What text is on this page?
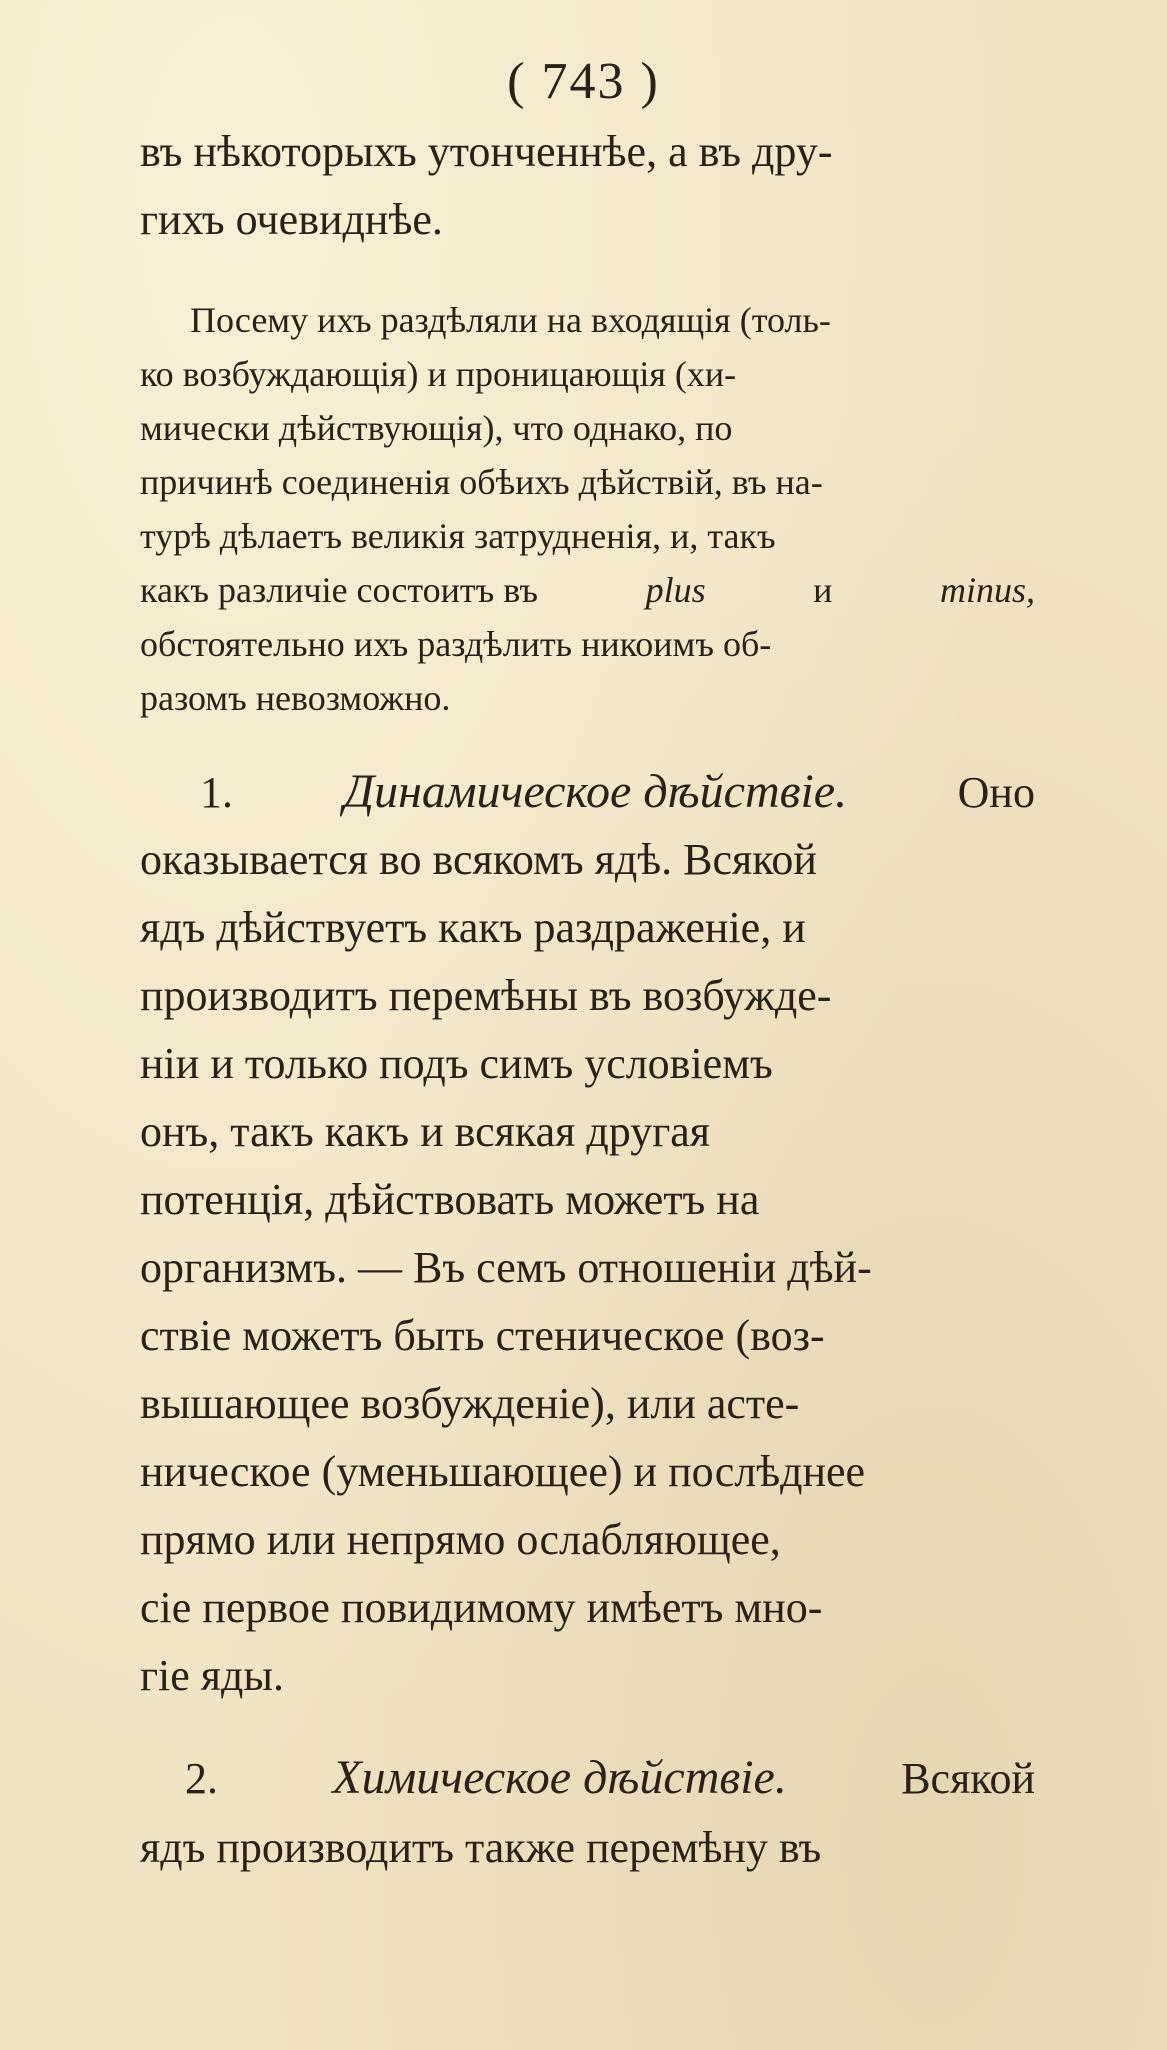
( 743 )
въ нѣкоторыхъ утонченнѣе, а въ дру-
гихъ очевиднѣе.
Посему ихъ раздѣляли на входящія (толь-
ко возбуждающія) и проницающія (хи-
мически дѣйствующія), что однако, по
причинѣ соединенія обѣихъ дѣйствій, въ на-
турѣ дѣлаетъ великія затрудненія, и, такъ
какъ различіе состоитъ въ	plus	и	minus,
обстоятельно ихъ раздѣлить никоимъ об-
разомъ невозможно.
1. Динамическое дѣйствіе.	Оно
оказывается во всякомъ ядѣ. Всякой
ядъ дѣйствуетъ какъ раздраженіе, и
производитъ перемѣны въ возбужде-
ніи и только подъ симъ условіемъ
онъ, такъ какъ и всякая другая
потенція, дѣйствовать можетъ на
организмъ. — Въ семъ отношеніи дѣй-
ствіе можетъ быть стеническое (воз-
вышающее возбужденіе), или асте-
ническое (уменьшающее) и послѣднее
прямо или непрямо ослабляющее,
сіе первое повидимому имѣетъ мно-
гіе яды.
2. Химическое дѣйствіе.	Всякой
ядъ производитъ также перемѣну въ
